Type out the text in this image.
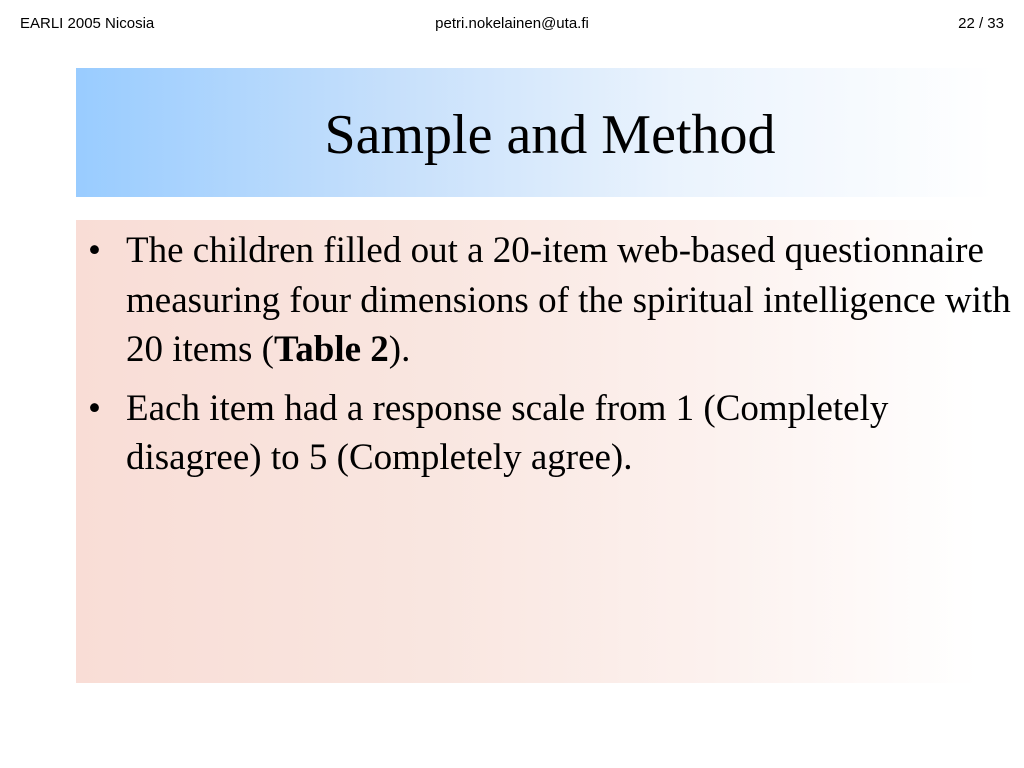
EARLI 2005 Nicosia	petri.nokelainen@uta.fi	22 / 33
Sample and Method
• The children filled out a 20-item web-based questionnaire measuring four dimensions of the spiritual intelligence with 20 items (Table 2).
• Each item had a response scale from 1 (Completely disagree) to 5 (Completely agree).
